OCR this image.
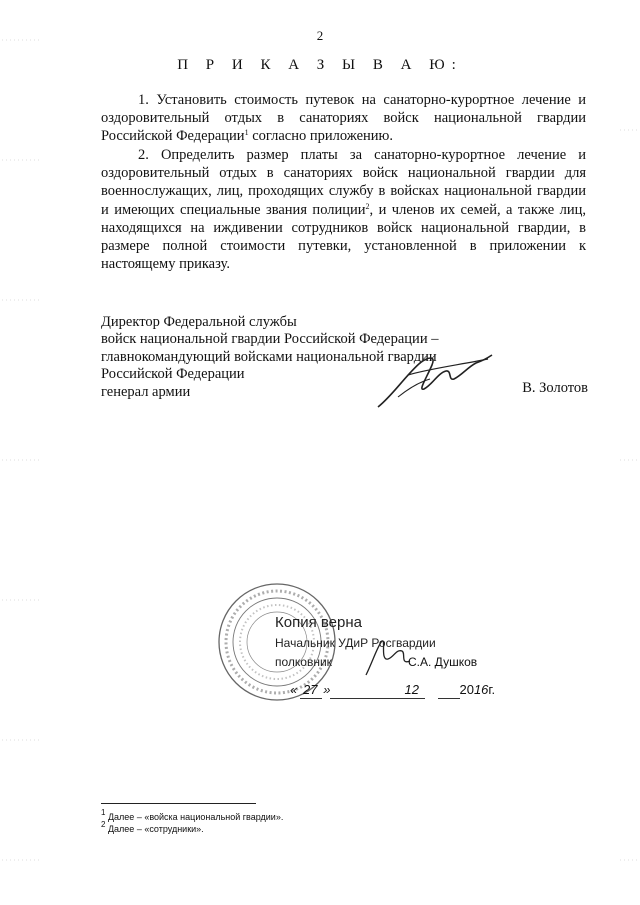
2
П Р И К А З Ы В А Ю:
1. Установить стоимость путевок на санаторно-курортное лечение и оздоровительный отдых в санаториях войск национальной гвардии Российской Федерации$^1$ согласно приложению.
2. Определить размер платы за санаторно-курортное лечение и оздоровительный отдых в санаториях войск национальной гвардии для военнослужащих, лиц, проходящих службу в войсках национальной гвардии и имеющих специальные звания полиции$^2$, и членов их семей, а также лиц, находящихся на иждивении сотрудников войск национальной гвардии, в размере полной стоимости путевки, установленной в приложении к настоящему приказу.
Директор Федеральной службы
войск национальной гвардии Российской Федерации –
главнокомандующий войсками национальной гвардии
Российской Федерации
генерал армии	В. Золотов
Копия верна
Начальник УДиР Росгвардии
полковник	С.А. Душков
« 27 »	12	2016г.
$^1$ Далее – «войска национальной гвардии».
$^2$ Далее – «сотрудники».
